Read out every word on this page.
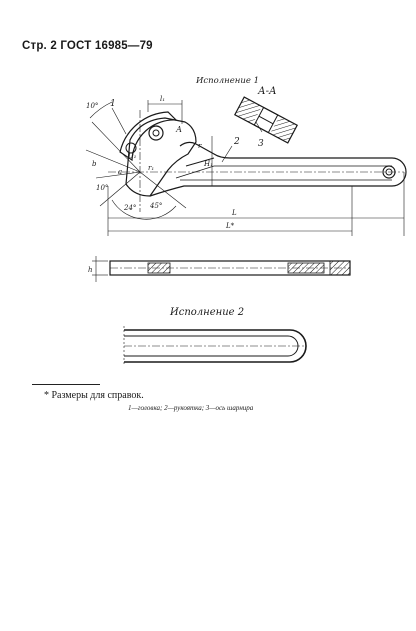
Стр. 2 ГОСТ 16985—79
Исполнение 1
А-А
1
2 3
l₁
L
L*
h
H₁
b
a
D₁
r₁
r
10°
10°
24° 45°
А
Исполнение 2
* Размеры для справок.
1—головка; 2—рукоятка; 3—ось шарнира
